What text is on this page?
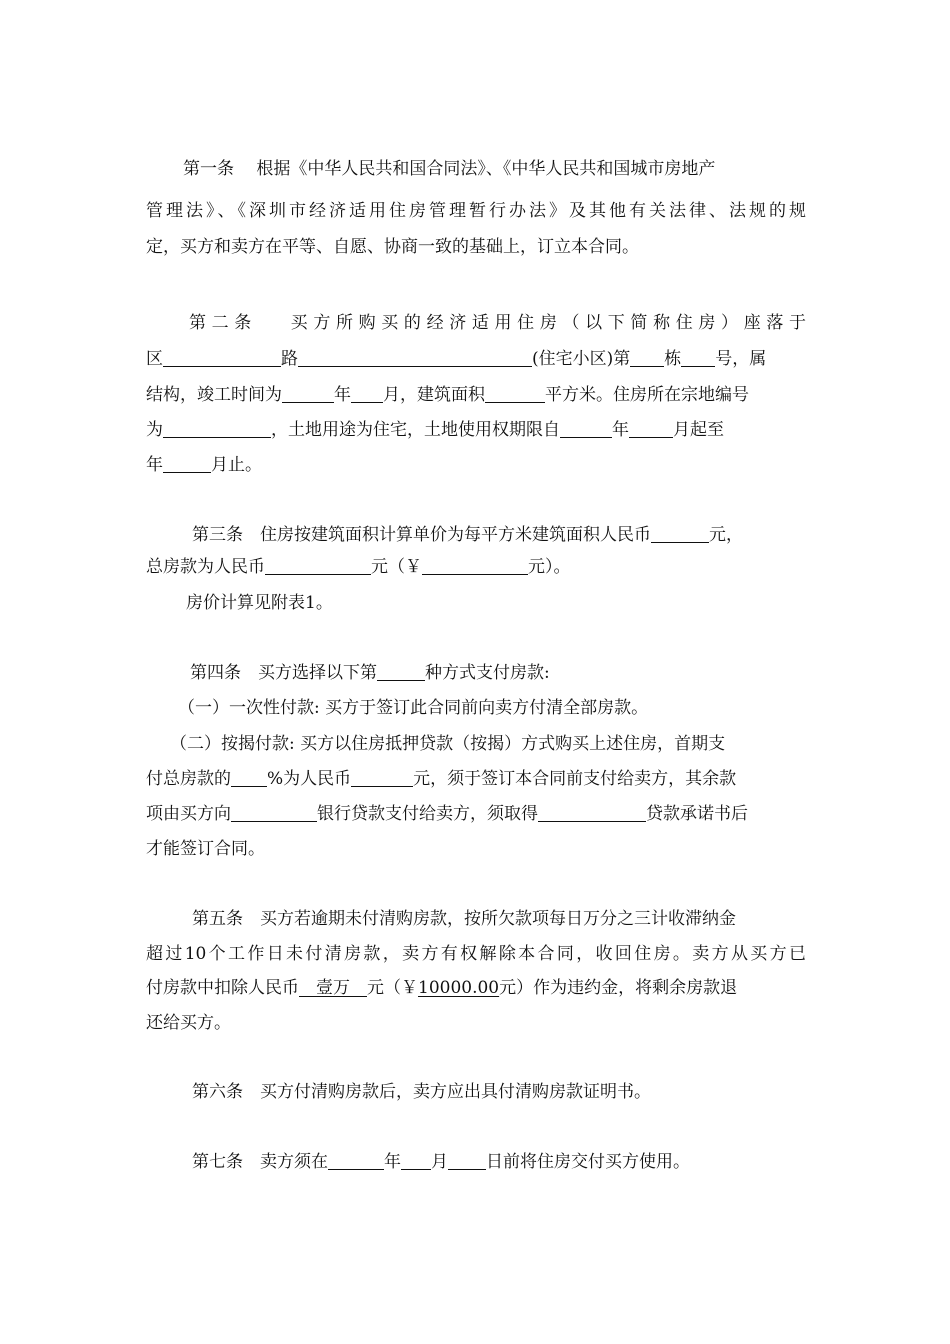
第一条　 根据《中华人民共和国合同法》、《中华人民共和国城市房地产
管理法》、《深圳市经济适用住房管理暂行办法》及其他有关法律、法规的规
定，买方和卖方在平等、自愿、协商一致的基础上，订立本合同。
第二条　 买方所购买的经济适用住房（以下简称住房）座落于
区	路	(住宅小区)第 栋 号，属
结构，竣工时间为	年 月，建筑面积	平方米。住房所在宗地编号
为	，土地用途为住宅，土地使用权期限自	年	月起至
年	月止。
第三条　住房按建筑面积计算单价为每平方米建筑面积人民币	元，
总房款为人民币	元（￥	元）。
房价计算见附表1。
第四条　买方选择以下第	种方式支付房款:
（一）一次性付款: 买方于签订此合同前向卖方付清全部房款。
（二）按揭付款: 买方以住房抵押贷款（按揭）方式购买上述住房，首期支
付总房款的 %为人民币	元，须于签订本合同前支付给卖方，其余款
项由买方向	银行贷款支付给卖方，须取得	贷款承诺书后
才能签订合同。
第五条　买方若逾期未付清购房款，按所欠款项每日万分之三计收滞纳金
超过10个工作日未付清房款，卖方有权解除本合同，收回住房。卖方从买方已
付房款中扣除人民币　壹万　元（￥10000.00元）作为违约金，将剩余房款退
还给买方。
第六条　买方付清购房款后，卖方应出具付清购房款证明书。
第七条　卖方须在	年 月 日前将住房交付买方使用。
